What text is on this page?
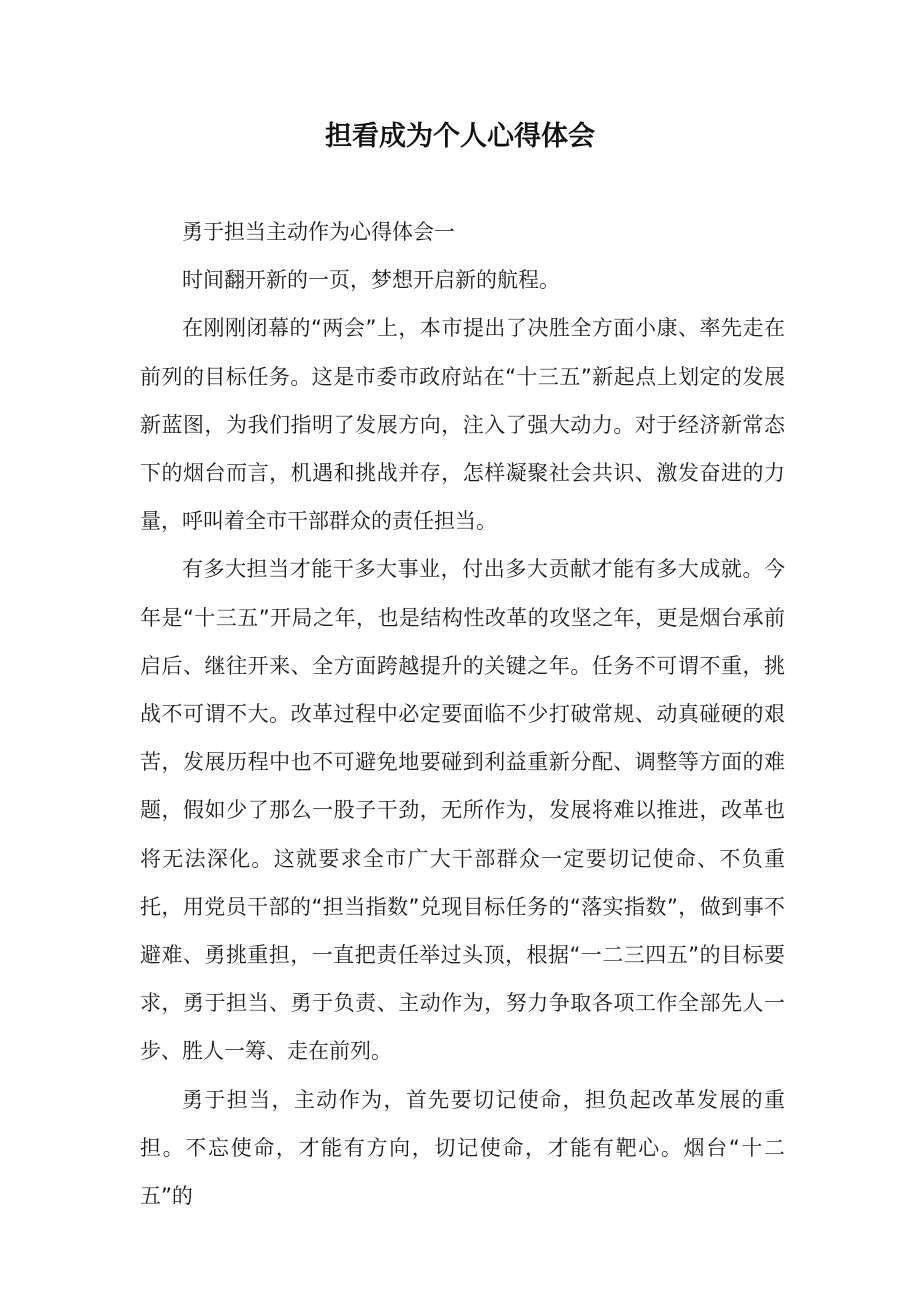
担看成为个人心得体会

勇于担当主动作为心得体会一

时间翻开新的一页，梦想开启新的航程。

在刚刚闭幕的“两会”上，本市提出了决胜全方面小康、率先走在前列的目标任务。这是市委市政府站在“十三五”新起点上划定的发展新蓝图，为我们指明了发展方向，注入了强大动力。对于经济新常态下的烟台而言，机遇和挑战并存，怎样凝聚社会共识、激发奋进的力量，呼叫着全市干部群众的责任担当。

有多大担当才能干多大事业，付出多大贡献才能有多大成就。今年是“十三五”开局之年，也是结构性改革的攻坚之年，更是烟台承前启后、继往开来、全方面跨越提升的关键之年。任务不可谓不重，挑战不可谓不大。改革过程中必定要面临不少打破常规、动真碰硬的艰苦，发展历程中也不可避免地要碰到利益重新分配、调整等方面的难题，假如少了那么一股子干劲，无所作为，发展将难以推进，改革也将无法深化。这就要求全市广大干部群众一定要切记使命、不负重托，用党员干部的“担当指数”兑现目标任务的“落实指数”，做到事不避难、勇挑重担，一直把责任举过头顶，根据“一二三四五”的目标要求，勇于担当、勇于负责、主动作为，努力争取各项工作全部先人一步、胜人一筹、走在前列。

勇于担当，主动作为，首先要切记使命，担负起改革发展的重担。不忘使命，才能有方向，切记使命，才能有靶心。烟台“十二五”的
